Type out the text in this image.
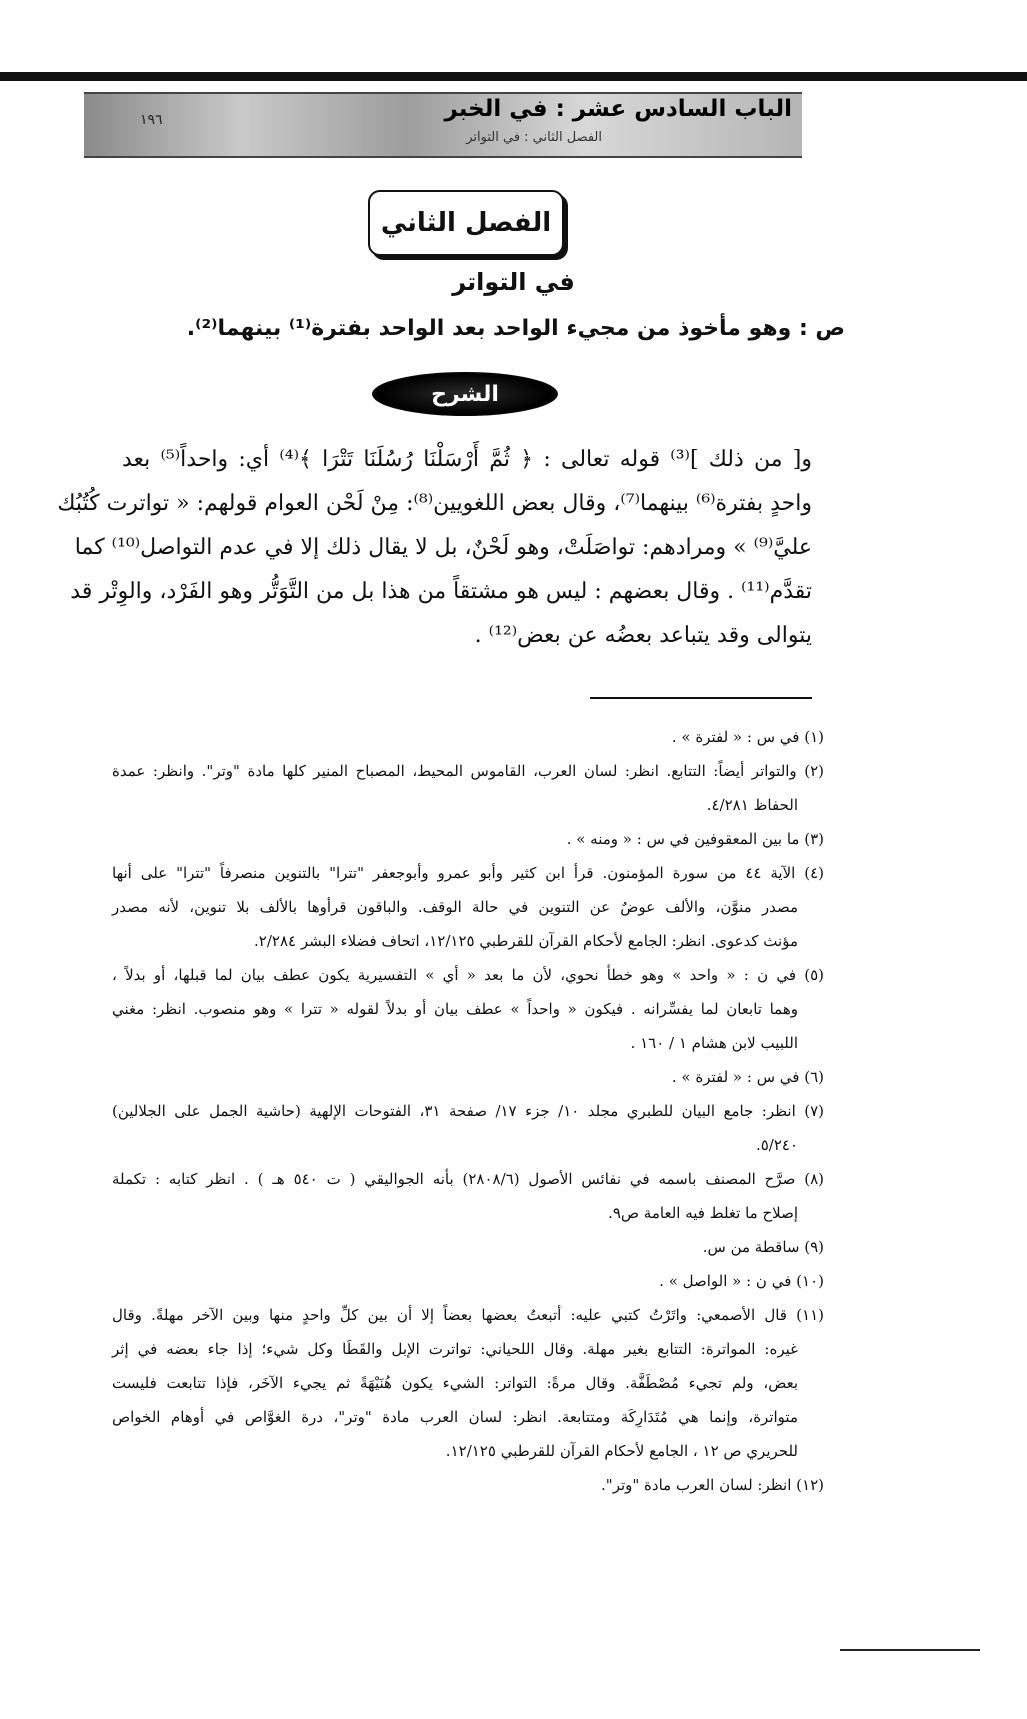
الباب السادس عشر : في الخبر
الفصل الثاني : في التواتر
١٩٦
الفصل الثاني
في التواتر
ص : وهو مأخوذ من مجيء الواحد بعد الواحد بفترة⁽¹⁾ بينهما⁽²⁾.
الشرح
و[ من ذلك ]⁽³⁾ قوله تعالى : ﴿ ثُمَّ أَرْسَلْنَا رُسُلَنَا تَتْرَا ﴾⁽⁴⁾ أي: واحداً⁽⁵⁾ بعد
واحدٍ بفترة⁽⁶⁾ بينهما⁽⁷⁾، وقال بعض اللغويين⁽⁸⁾: مِنْ لَحْن العوام قولهم: « تواترت كُتُبُك
عليَّ⁽⁹⁾ » ومرادهم: تواصَلَتْ، وهو لَحْنٌ، بل لا يقال ذلك إلا في عدم التواصل⁽¹⁰⁾ كما
تقدَّم⁽¹¹⁾ . وقال بعضهم : ليس هو مشتقاً من هذا بل من التَّوَتُّر وهو الفَرْد، والوِتْر قد
يتوالى وقد يتباعد بعضُه عن بعض⁽¹²⁾ .
(١) في س : « لفترة » .
(٢) والتواتر أيضاً: التتابع. انظر: لسان العرب، القاموس المحيط، المصباح المنير كلها مادة "وتر". وانظر: عمدة
الحفاظ ٤/٢٨١.
(٣) ما بين المعقوفين في س : « ومنه » .
(٤) الآية ٤٤ من سورة المؤمنون. قرأ ابن كثير وأبو عمرو وأبوجعفر "تترا" بالتنوين منصرفاً "تترا" على أنها
مصدر منوَّن، والألف عوضٌ عن التنوين في حالة الوقف. والباقون قرأوها بالألف بلا تنوين، لأنه مصدر
مؤنث كدعوى. انظر: الجامع لأحكام القرآن للقرطبي ١٢/١٢٥، اتحاف فضلاء البشر ٢/٢٨٤.
(٥) في ن : « واحد » وهو خطأ نحوي، لأن ما بعد « أي » التفسيرية يكون عطف بيان لما قبلها، أو بدلاً ،
وهما تابعان لما يفسِّرانه . فيكون « واحداً » عطف بيان أو بدلاً لقوله « تترا » وهو منصوب. انظر: مغني
اللبيب لابن هشام ١ / ١٦٠ .
(٦) في س : « لفترة » .
(٧) انظر: جامع البيان للطبري مجلد ١٠/ جزء ١٧/ صفحة ٣١، الفتوحات الإلهية (حاشية الجمل على الجلالين)
٥/٢٤٠.
(٨) صرَّح المصنف باسمه في نفائس الأصول (٢٨٠٨/٦) بأنه الجواليقي ( ت ٥٤٠ هـ ) . انظر كتابه : تكملة
إصلاح ما تغلط فيه العامة ص٩.
(٩) ساقطة من س.
(١٠) في ن : « الواصل » .
(١١) قال الأصمعي: واتَرْتُ كتبي عليه: أتبعتُ بعضها بعضاً إلا أن بين كلِّ واحدٍ منها وبين الآخر مهلةً. وقال
غيره: المواترة: التتابع بغير مهلة. وقال اللحياني: تواترت الإبل والقَطَا وكل شيء؛ إذا جاء بعضه في إثر
بعض، ولم تجيء مُصْطَفَّة. وقال مرةً: التواتر: الشيء يكون هُنَيْهَةً ثم يجيء الآخَر، فإذا تتابعت فليست
متواترة، وإنما هي مُتَدَارِكَة ومتتابعة. انظر: لسان العرب مادة "وتر"، درة الغوَّاص في أوهام الخواص
للحريري ص ١٢ ، الجامع لأحكام القرآن للقرطبي ١٢/١٢٥.
(١٢) انظر: لسان العرب مادة "وتر".
